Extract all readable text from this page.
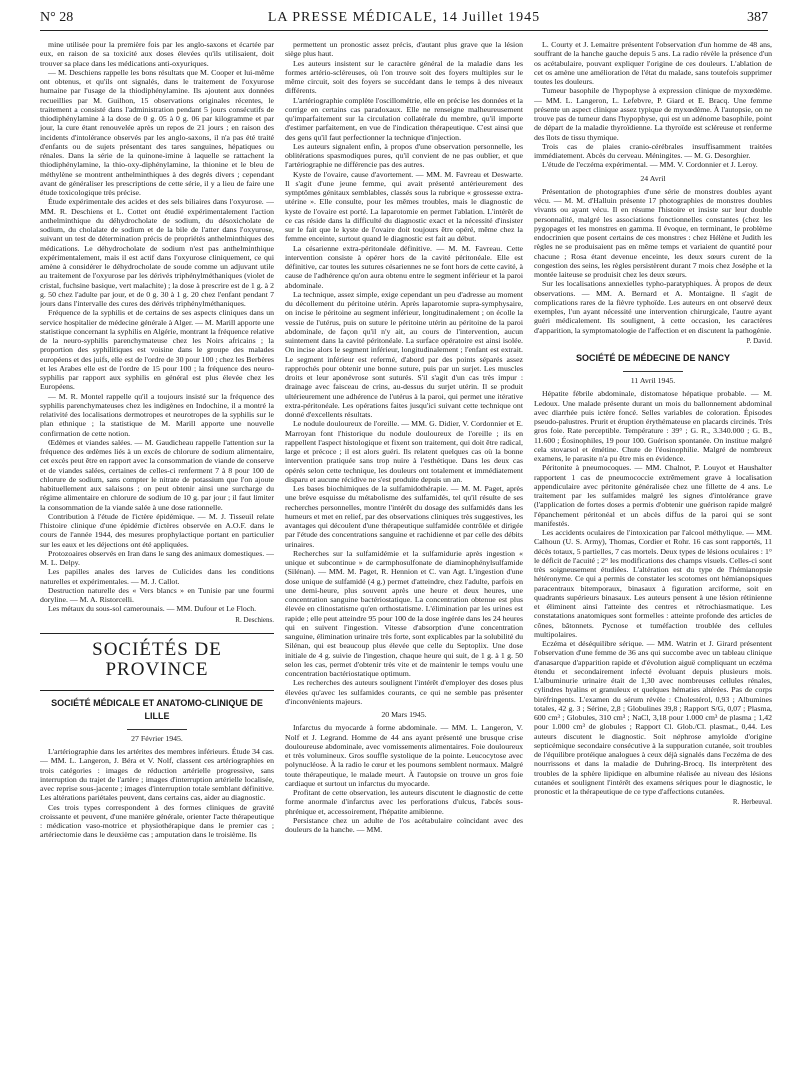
N° 28	LA PRESSE MÉDICALE, 14 Juillet 1945	387

mine utilisée pour la première fois par les anglo-saxons et écartée par eux, en raison de sa toxicité aux doses élevées qu'ils utilisaient, doit trouver sa place dans les médications anti-oxyuriques.

— M. Deschiens rappelle les bons résultats que M. Cooper et lui-même ont obtenus, et qu'ils ont signalés, dans le traitement de l'oxyurose humaine par l'usage de la thiodiphénylamine. Ils ajoutent aux données recueillies par M. Guilhon, 15 observations originales récentes, le traitement a consisté dans l'administration pendant 5 jours consécutifs de thiodiphénylamine à la dose de 0 g. 05 à 0 g. 06 par kilogramme et par jour, la cure étant renouvelée après un repos de 21 jours ; en raison des incidents d'intolérance observés par les anglo-saxons, il n'a pas été traité d'enfants ou de sujets présentant des tares sanguines, hépatiques ou rénales. Dans la série de la quinone-imine à laquelle se rattachent la thiodiphénylamine, la thio-oxy-diphénylamine, la thionine et le bleu de méthylène se montrent anthelminthiques à des degrés divers ; cependant avant de généraliser les prescriptions de cette série, il y a lieu de faire une étude toxicologique très précise.

Étude expérimentale des acides et des sels biliaires dans l'oxyurose. — MM. R. Deschiens et L. Cottet ont étudié expérimentalement l'action anthelminthique du déhydrocholate de sodium, du désoxicholate de sodium, du cholalate de sodium et de la bile de l'atter dans l'oxyurose, suivant un test de détermination précis de propriétés anthelminthiques des médications. Le déhydrocholate de sodium n'est pas anthelminthique expérimentalement, mais il est actif dans l'oxyurose cliniquement, ce qui amène à considérer le déhydrocholate de soude comme un adjuvant utile au traitement de l'oxyurose par les dérivés triphénylméthaniques (violet de cristal, fuchsine basique, vert malachite) ; la dose à prescrire est de 1 g. à 2 g. 50 chez l'adulte par jour, et de 0 g. 30 à 1 g. 20 chez l'enfant pendant 7 jours dans l'intervalle des cures des dérivés triphénylméthaniques.

Fréquence de la syphilis et de certains de ses aspects cliniques dans un service hospitalier de médecine générale à Alger. — M. Marill apporte une statistique concernant la syphilis en Algérie, montrant la fréquence relative de la neuro-syphilis parenchymateuse chez les Noirs africains ; la proportion des syphilitiques est voisine dans le groupe des malades européens et des juifs, elle est de l'ordre de 30 pour 100 ; chez les Berbères et les Arabes elle est de l'ordre de 15 pour 100 ; la fréquence des neuro-syphilis par rapport aux syphilis en général est plus élevée chez les Européens.

— M. R. Montel rappelle qu'il a toujours insisté sur la fréquence des syphilis parenchymateuses chez les indigènes en Indochine, il a montré la relativité des localisations dermotropes et neurotropes de la syphilis sur le plan ethnique ; la statistique de M. Marill apporte une nouvelle confirmation de cette notion.

Œdèmes et viandes salées. — M. Gaudicheau rappelle l'attention sur la fréquence des œdèmes liés à un excès de chlorure de sodium alimentaire, cet excès peut être en rapport avec la consommation de viande de conserve et de viandes salées, certaines de celles-ci renferment 7 à 8 pour 100 de chlorure de sodium, sans compter le nitrate de potassium que l'on ajoute habituellement aux salaisons ; on peut obtenir ainsi une surcharge du régime alimentaire en chlorure de sodium de 10 g. par jour ; il faut limiter la consommation de la viande salée à une dose rationnelle.

Contribution à l'étude de l'ictère épidémique. — M. J. Tisseuil relate l'histoire clinique d'une épidémie d'ictères observée en A.O.F. dans le cours de l'année 1944, des mesures prophylactique portant en particulier sur les eaux et les déjections ont été appliquées.

Protozoaires observés en Iran dans le sang des animaux domestiques. — M. L. Delpy.

Les papilles anales des larves de Culicides dans les conditions naturelles et expérimentales. — M. J. Callot.

Destruction naturelle des « Vers blancs » en Tunisie par une fourmi doryline. — M. A. Ristorcelli.

Les métaux du sous-sol camerounais. — MM. Dufour et Le Floch.

R. Deschiens.

SOCIÉTÉS DE PROVINCE
SOCIÉTÉ MÉDICALE ET ANATOMO-CLINIQUE DE LILLE

27 Février 1945.

L'artériographie dans les artérites des membres inférieurs. Étude 34 cas. — MM. L. Langeron, J. Béra et V. Nolf, classent ces artériographies en trois catégories : images de réduction artérielle progressive, sans interruption du trajet de l'artère ; images d'interruption artérielle localisée, avec reprise sous-jacente ; images d'interruption totale semblant définitive. Les altérations pariétales peuvent, dans certains cas, aider au diagnostic.

Ces trois types correspondent à des formes cliniques de gravité croissante et peuvent, d'une manière générale, orienter l'acte thérapeutique : médication vaso-motrice et physiothérapique dans le premier cas ; artériectomie dans le deuxième cas ; amputation dans le troisième. Ils

permettent un pronostic assez précis, d'autant plus grave que la lésion siège plus haut.

Les auteurs insistent sur le caractère général de la maladie dans les formes artério-scléreuses, où l'on trouve soit des foyers multiples sur le même circuit, soit des foyers se succédant dans le temps à des niveaux différents.

L'artériographie complète l'oscillométrie, elle en précise les données et la corrige en certains cas paradoxaux. Elle ne renseigne malheureusement qu'imparfaitement sur la circulation collatérale du membre, qu'il importe d'estimer parfaitement, en vue de l'indication thérapeutique. C'est ainsi que des gens qu'il faut perfectionner la technique d'injection.

Les auteurs signalent enfin, à propos d'une observation personnelle, les oblitérations spasmodiques pures, qu'il convient de ne pas oublier, et que l'artériographie ne différencie pas des autres.

Kyste de l'ovaire, cause d'avortement. — MM. M. Favreau et Deswarte. Il s'agit d'une jeune femme, qui avait présenté antérieurement des symptômes génitaux semblables, classés sous la rubrique « grossesse extra-utérine ». Elle consulte, pour les mêmes troubles, mais le diagnostic de kyste de l'ovaire est porté. La laparotomie en permet l'ablation. L'intérêt de ce cas réside dans la difficulté du diagnostic exact et la nécessité d'insister sur le fait que le kyste de l'ovaire doit toujours être opéré, même chez la femme enceinte, surtout quand le diagnostic est fait au début.

La césarienne extra-péritonéale définitive. — M. M. Favreau. Cette intervention consiste à opérer hors de la cavité péritonéale. Elle est définitive, car toutes les sutures césariennes ne se font hors de cette cavité, à cause de l'adhérence qu'on aura obtenu entre le segment inférieur et la paroi abdominale.

La technique, assez simple, exige cependant un peu d'adresse au moment du décollement du péritoine utérin. Après laparotomie supra-symphysaire, on incise le péritoine au segment inférieur, longitudinalement ; on écolle la vessie de l'utérus, puis on suture le péritoine utérin au péritoine de la paroi abdominale, de façon qu'il n'y ait, au cours de l'intervention, aucun suintement dans la cavité péritonéale. La surface opératoire est ainsi isolée. On incise alors le segment inférieur, longitudinalement ; l'enfant est extrait. Le segment inférieur est refermé, d'abord par des points séparés assez rapprochés pour obtenir une bonne suture, puis par un surjet. Les muscles droits et leur aponévrose sont suturés. S'il s'agit d'un cas très impur : drainage avec faisceau de crins, au-dessus du surjet utérin. Il se produit ultérieurement une adhérence de l'utérus à la paroi, qui permet une itérative extra-péritonéale. Les opérations faites jusqu'ici suivant cette technique ont donné d'excellents résultats.

Le nodule douloureux de l'oreille. — MM. G. Didier, V. Cordonnier et E. Marroyan font l'historique du nodule douloureux de l'oreille ; ils en rappellent l'aspect histologique et fixent son traitement, qui doit être radical, large et précoce ; il est alors guéri. Ils relatent quelques cas où la bonne intervention pratiquée sans trop nuire à l'esthétique. Dans les deux cas opérés selon cette technique, les douleurs ont totalement et immédiatement disparu et aucune récidive ne s'est produite depuis un an.

Les bases biochimiques de la sulfamidothérapie. — M. M. Paget, après une brève esquisse du métabolisme des sulfamidés, tel qu'il résulte de ses recherches personnelles, montre l'intérêt du dosage des sulfamidés dans les humeurs et met en relief, par des observations cliniques très suggestives, les avantages qui découlent d'une thérapeutique sulfamidée contrôlée et dirigée par l'étude des concentrations sanguine et rachidienne et par celle des débits urinaires.

Recherches sur la sulfamidémie et la sulfamidurie après ingestion « unique et subcontinue » de carmphosulfonate de diaminophénylsulfamide (Silénan). — MM. M. Paget, R. Hennion et C. van Agt. L'ingestion d'une dose unique de sulfamidé (4 g.) permet d'atteindre, chez l'adulte, parfois en une demi-heure, plus souvent après une heure et deux heures, une concentration sanguine bactériostatique. La concentration obtenue est plus élevée en clinostatisme qu'en orthostatisme. L'élimination par les urines est rapide ; elle peut atteindre 95 pour 100 de la dose ingérée dans les 24 heures qui en suivent l'ingestion. Vitesse d'absorption d'une concentration sanguine, élimination urinaire très forte, sont explicables par la solubilité du Silénan, qui est beaucoup plus élevée que celle du Septoplix. Une dose initiale de 4 g. suivie de l'ingestion, chaque heure qui suit, de 1 g. à 1 g. 50 selon les cas, permet d'obtenir très vite et de maintenir le temps voulu une concentration bactériostatique optimum.

Les recherches des auteurs soulignent l'intérêt d'employer des doses plus élevées qu'avec les sulfamides courants, ce qui ne semble pas présenter d'inconvénients majeurs.

20 Mars 1945.

Infarctus du myocarde à forme abdominale. — MM. L. Langeron, V. Nolf et J. Legrand. Homme de 44 ans ayant présenté une brusque crise douloureuse abdominale, avec vomissements alimentaires. Foie douloureux et très volumineux. Gros souffle systolique de la pointe. Leucocytose avec polynucléose. À la radio le cœur et les poumons semblent normaux. Malgré toute thérapeutique, le malade meurt. À l'autopsie on trouve un gros foie cardiaque et surtout un infarctus du myocarde.

Profitant de cette observation, les auteurs discutent le diagnostic de cette forme anormale d'infarctus avec les perforations d'ulcus, l'abcès sous-phrénique et, accessoirement, l'hépatite amibienne.

Persistance chez un adulte de l'os acétabulaire coïncidant avec des douleurs de la hanche. — MM.

L. Courty et J. Lemaitre présentent l'observation d'un homme de 48 ans, souffrant de la hanche gauche depuis 5 ans. La radio révèle la présence d'un os acétabulaire, pouvant expliquer l'origine de ces douleurs. L'ablation de cet os amène une amélioration de l'état du malade, sans toutefois supprimer toutes les douleurs.

Tumeur basophile de l'hypophyse à expression clinique de myxœdème. — MM. L. Langeron, L. Lefebvre, P. Giard et E. Bracq. Une femme présente un aspect clinique assez typique de myxœdème. À l'autopsie, on ne trouve pas de tumeur dans l'hypophyse, qui est un adénome basophile, point de départ de la maladie thyroïdienne. La thyroïde est scléreuse et renferme des îlots de tissu thymique.

Trois cas de plaies cranio-cérébrales insuffisamment traitées immédiatement. Abcès du cerveau. Méningites. — M. G. Desorghier.

L'étude de l'eczéma expérimental. — MM. V. Cordonnier et J. Leroy.

24 Avril

Présentation de photographies d'une série de monstres doubles ayant vécu. — M. M. d'Halluin présente 17 photographies de monstres doubles vivants ou ayant vécu. Il en résume l'histoire et insiste sur leur double personnalité, malgré les associations fonctionnelles constantes (chez les pygopages et les monstres en gamma. Il évoque, en terminant, le problème endocrinien que posent certains de ces monstres : chez Hélène et Judith les règles ne se produisaient pas en même temps et variaient de quantité pour chacune ; Rosa étant devenue enceinte, les deux sœurs curent de la congestion des seins, les règles persistèrent durant 7 mois chez Joséphe et la montée laiteuse se produisit chez les deux sœurs.

Sur les localisations annexielles typho-paratyphiques. À propos de deux observations. — MM. A. Bernard et A. Montaigne. Il s'agit de complications rares de la fièvre typhoïde. Les auteurs en ont observé deux exemples, l'un ayant nécessité une intervention chirurgicale, l'autre ayant guéri médicalement. Ils soulignent, à cette occasion, les caractères d'apparition, la symptomatologie de l'affection et en discutent la pathogénie.

P. David.

SOCIÉTÉ DE MÉDECINE DE NANCY

11 Avril 1945.

Hépatite fébrile abdominale, distomatose hépatique probable. — M. Ledoux. Une malade présente durant un mois du ballonnement abdominal avec diarrhée puis ictère foncé. Selles variables de coloration. Épisodes pseudo-palustres. Prurit et éruption érythémateuse en placards circinés. Très gros foie. Rate perceptible. Température : 39° ; G. R., 3.340.000 ; G. B., 11.600 ; Éosinophiles, 19 pour 100. Guérison spontanée. On institue malgré cela stovarsol et émétine. Chute de l'éosinophilie. Malgré de nombreux examens, le parasite n'a pu être mis en évidence.

Péritonite à pneumocoques. — MM. Chalnot, P. Louyot et Haushalter rapportent 1 cas de pneumococcie extrêmement grave à localisation appendiculaire avec péritonite généralisée chez une fillette de 4 ans. Le traitement par les sulfamides malgré les signes d'intolérance grave (l'application de fortes doses a permis d'obtenir une guérison rapide malgré l'épanchement péritonéal et un abcès diffus de la paroi qui se sont manifestés.

Les accidents oculaires de l'intoxication par l'alcool méthylique. — MM. Calhoun (U. S. Army), Thomas, Cordier et Rohr. 16 cas sont rapportés, 11 décès totaux, 5 partielles, 7 cas mortels. Deux types de lésions oculaires : 1° le déficit de l'acuité ; 2° les modifications des champs visuels. Celles-ci sont très soigneusement étudiées. L'altération est du type de l'hémianopsie hétéronyme. Ce qui a permis de constater les scotomes ont hémianopsiques paracentraux bitemporaux, binasaux à figuration arciforme, soit en quadrants supérieurs binasaux. Les auteurs pensent à une lésion rétinienne et éliminent ainsi l'atteinte des centres et rétrochiasmatique. Les constatations anatomiques sont formelles : atteinte profonde des articles de cônes, bâtonnets. Pycnose et tuméfaction troublée des cellules multipolaires.

Eczéma et déséquilibre sérique. — MM. Watrin et J. Girard présentent l'observation d'une femme de 36 ans qui succombe avec un tableau clinique d'anasarque d'apparition rapide et d'évolution aiguë compliquant un eczéma étendu et secondairement infecté évoluant depuis plusieurs mois. L'albuminurie urinaire était de 1,30 avec nombreuses cellules rénales, cylindres hyalins et granuleux et quelques hématies altérées. Pas de corps biréfringents. L'examen du sérum révèle : Cholestérol, 0,93 ; Albumines totales, 42 g. 3 ; Sérine, 2,8 ; Globulines 39,8 ; Rapport S/G, 0,07 ; Plasma, 600 cm³ ; Globules, 310 cm³ ; NaCl, 3,18 pour 1.000 cm³ de plasma ; 1,42 pour 1.000 cm³ de globules ; Rapport Cl. Glob./Cl. plasmat., 0,44. Les auteurs discutent le diagnostic. Soit néphrose amyloïde d'origine septicémique secondaire consécutive à la suppuration cutanée, soit troubles de l'équilibre protéique analogues à ceux déjà signalés dans l'eczéma de des nourrissons et dans la maladie de Duhring-Brocq. Ils interprètent des troubles de la sphère lipidique en albumine réalisée au niveau des lésions cutanées et soulignent l'intérêt des examens sériques pour le diagnostic, le pronostic et la thérapeutique de ce type d'affections cutanées.

R. Herbeuval.
